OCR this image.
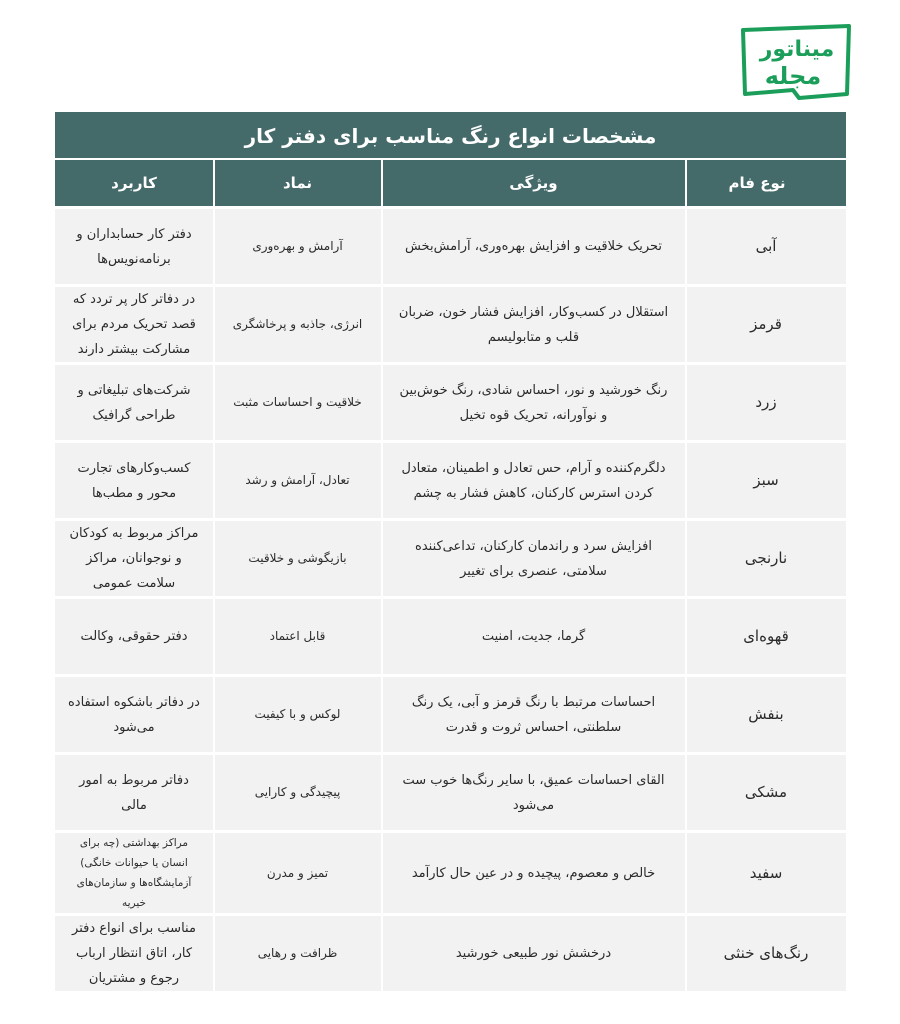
میناتور
مجله
مشخصات انواع رنگ مناسب برای دفتر کار			
نوع فام	ویژگی	نماد	کاربرد
آبی	تحریک خلاقیت و افزایش بهره‌وری، آرامش‌بخش	آرامش و بهره‌وری	دفتر کار حسابداران و برنامه‌نویس‌ها
قرمز	استقلال در کسب‌وکار، افزایش فشار خون، ضربان قلب و متابولیسم	انرژی، جاذبه و پرخاشگری	در دفاتر کار پر تردد که قصد تحریک مردم برای مشارکت بیشتر دارند
زرد	رنگ خورشید و نور، احساس شادی، رنگ خوش‌بین و نوآورانه، تحریک قوه تخیل	خلاقیت و احساسات مثبت	شرکت‌های تبلیغاتی و طراحی گرافیک
سبز	دلگرم‌کننده و آرام، حس تعادل و اطمینان، متعادل کردن استرس کارکنان، کاهش فشار به چشم	تعادل، آرامش و رشد	کسب‌وکارهای تجارت محور و مطب‌ها
نارنجی	افزایش سرد و راندمان کارکنان، تداعی‌کننده سلامتی، عنصری برای تغییر	بازیگوشی و خلاقیت	مراکز مربوط به کودکان و نوجوانان، مراکز سلامت عمومی
قهوه‌ای	گرما، جدیت، امنیت	قابل اعتماد	دفتر حقوقی، وکالت
بنفش	احساسات مرتبط با رنگ قرمز و آبی، یک رنگ سلطنتی، احساس ثروت و قدرت	لوکس و با کیفیت	در دفاتر باشکوه استفاده می‌شود
مشکی	القای احساسات عمیق، با سایر رنگ‌ها خوب ست می‌شود	پیچیدگی و کارایی	دفاتر مربوط به امور مالی
سفید	خالص و معصوم، پیچیده و در عین حال کارآمد	تمیز و مدرن	مراکز بهداشتی (چه برای انسان یا حیوانات خانگی) آزمایشگاه‌ها و سازمان‌های خیریه
رنگ‌های خنثی	درخشش نور طبیعی خورشید	ظرافت و رهایی	مناسب برای انواع دفتر کار، اتاق انتظار ارباب رجوع و مشتریان
